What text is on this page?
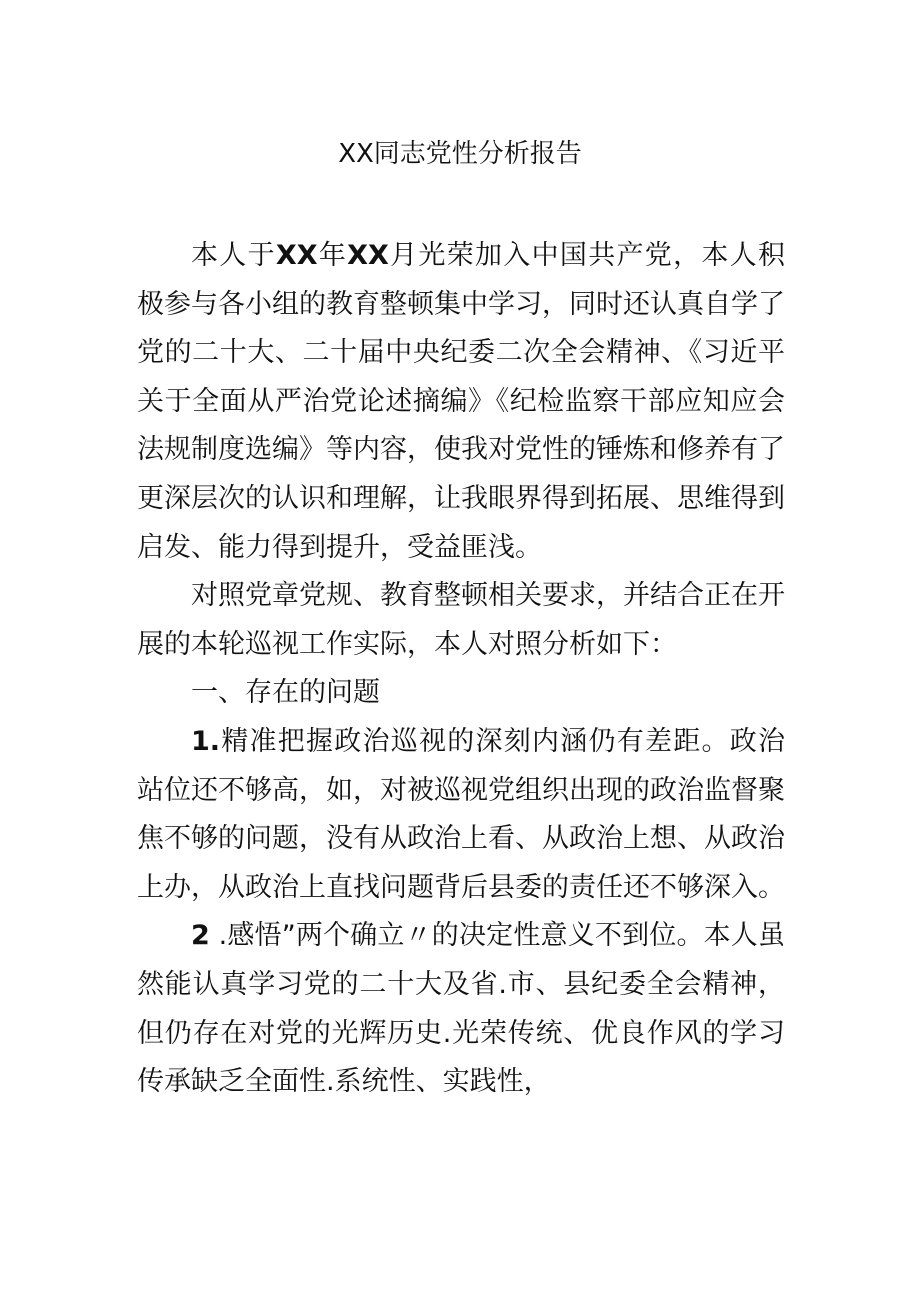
XX同志党性分析报告

本人于XX年XX月光荣加入中国共产党，本人积极参与各小组的教育整顿集中学习，同时还认真自学了党的二十大、二十届中央纪委二次全会精神、《习近平关于全面从严治党论述摘编》《纪检监察干部应知应会法规制度选编》等内容，使我对党性的锤炼和修养有了更深层次的认识和理解，让我眼界得到拓展、思维得到启发、能力得到提升，受益匪浅。

对照党章党规、教育整顿相关要求，并结合正在开展的本轮巡视工作实际，本人对照分析如下：

一、存在的问题

1.精准把握政治巡视的深刻内涵仍有差距。政治站位还不够高，如，对被巡视党组织出现的政治监督聚焦不够的问题，没有从政治上看、从政治上想、从政治上办，从政治上直找问题背后县委的责任还不够深入。

2 .感悟”两个确立〃的决定性意义不到位。本人虽然能认真学习党的二十大及省.市、县纪委全会精神，但仍存在对党的光辉历史.光荣传统、优良作风的学习传承缺乏全面性.系统性、实践性，
